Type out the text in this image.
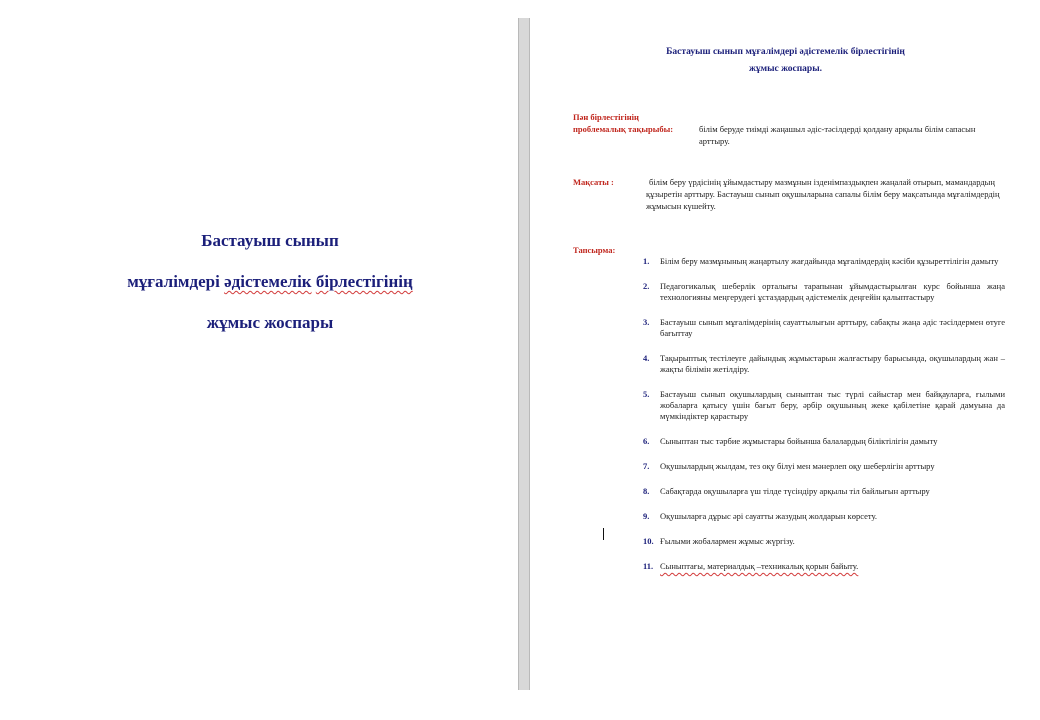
Бастауыш сынып
мұғалімдері әдістемелік бірлестігінің
жұмыс жоспары
Бастауыш сынып мұғалімдері әдістемелік бірлестігінің
жұмыс жоспары.
Пән бірлестігінің
проблемалық тақырыбы:	білім беруде тиімді жаңашыл әдіс-тәсілдерді қолдану арқылы білім сапасын арттыру.
Мақсаты :	білім беру үрдісінің ұйымдастыру мазмұнын ізденімпаздықпен жаңалай отырып, мамандардың құзыретін арттыру. Бастауыш сынып оқушыларына сапалы білім беру мақсатында мұғалімдердің жұмысын күшейту.
Тапсырма:
1.	Білім беру мазмұнының жаңартылу жағдайында мұғалімдердің кәсіби құзыреттілігін дамыту
2.	Педагогикалық шеберлік орталығы тарапынан ұйымдастырылған курс бойынша жаңа технологияны меңгерудегі ұстаздардың әдістемелік деңгейін қалыптастыру
3.	Бастауыш сынып мұғалімдерінің сауаттылығын арттыру, сабақты жаңа әдіс тәсілдермен өтуге бағыттау
4.	Тақырыптық тестілеуге дайындық жұмыстарын жалғастыру барысында, оқушылардың жан –жақты білімін жетілдіру.
5.	Бастауыш сынып оқушылардың сыныптан тыс түрлі сайыстар мен байқауларға, ғылыми жобаларға қатысу үшін бағыт беру, әрбір оқушының жеке қабілетіне қарай дамуына да мүмкіндіктер қарастыру
6.	Сыныптан тыс тәрбие жұмыстары бойынша балалардың біліктілігін дамыту
7.	Оқушылардың жылдам, тез оқу білуі мен мәнерлеп оқу шеберлігін арттыру
8.	Сабақтарда оқушыларға үш тілде түсіндіру арқылы тіл байлығын арттыру
9.	Оқушыларға дұрыс әрі сауатты жазудың жолдарын көрсету.
10. Ғылыми жобалармен жұмыс жүргізу.
11. Сыныптағы, материалдық –техникалық қорын байыту.
